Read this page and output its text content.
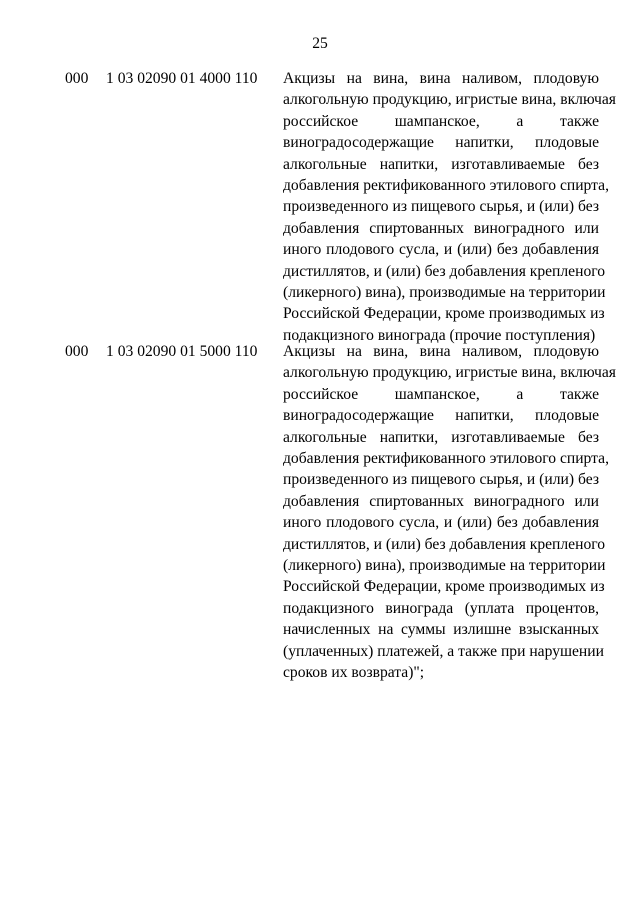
25
000 1 03 02090 01 4000 110 Акцизы на вина, вина наливом, плодовую
алкогольную продукцию, игристые вина, включая
российское шампанское, а также
виноградосодержащие напитки, плодовые
алкогольные напитки, изготавливаемые без
добавления ректификованного этилового спирта,
произведенного из пищевого сырья, и (или) без
добавления спиртованных виноградного или
иного плодового сусла, и (или) без добавления
дистиллятов, и (или) без добавления крепленого
(ликерного) вина), производимые на территории
Российской Федерации, кроме производимых из
подакцизного винограда (прочие поступления)
000 1 03 02090 01 5000 110 Акцизы на вина, вина наливом, плодовую
алкогольную продукцию, игристые вина, включая
российское шампанское, а также
виноградосодержащие напитки, плодовые
алкогольные напитки, изготавливаемые без
добавления ректификованного этилового спирта,
произведенного из пищевого сырья, и (или) без
добавления спиртованных виноградного или
иного плодового сусла, и (или) без добавления
дистиллятов, и (или) без добавления крепленого
(ликерного) вина), производимые на территории
Российской Федерации, кроме производимых из
подакцизного винограда (уплата процентов,
начисленных на суммы излишне взысканных
(уплаченных) платежей, а также при нарушении
сроков их возврата)";
